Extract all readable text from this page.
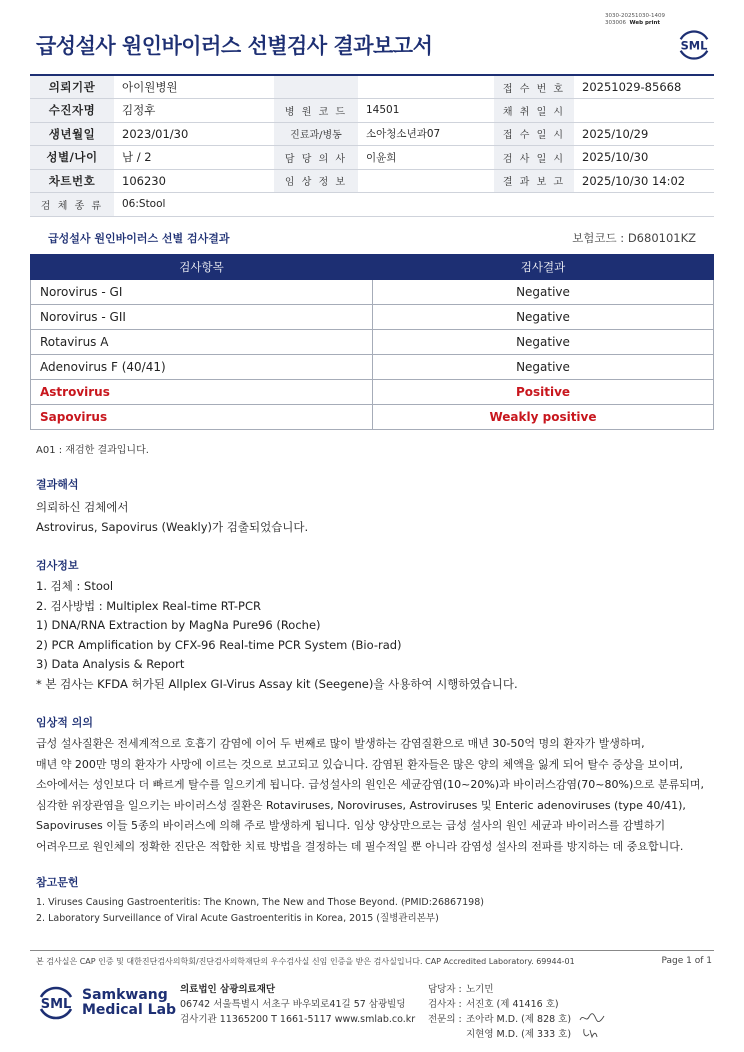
3030-20251030-1409
303006 Web print
급성설사 원인바이러스 선별검사 결과보고서	SML
의뢰기관	아이원병원			접 수 번 호	20251029-85668
수진자명	김정후	병 원 코 드	14501	채 취 일 시	
생년월일	2023/01/30	진료과/병동	소아청소년과07	접 수 일 시	2025/10/29
성별/나이	남 / 2	담 당 의 사	이윤희	검 사 일 시	2025/10/30
차트번호	106230	임 상 정 보		결 과 보 고	2025/10/30 14:02
검 체 종 류	06:Stool				
급성설사 원인바이러스 선별 검사결과	보험코드 : D680101KZ
검사항목	검사결과
Norovirus - GI	Negative
Norovirus - GII	Negative
Rotavirus A	Negative
Adenovirus F (40/41)	Negative
Astrovirus	Positive
Sapovirus	Weakly positive
A01 : 재검한 결과입니다.
결과해석
의뢰하신 검체에서
Astrovirus, Sapovirus (Weakly)가 검출되었습니다.
검사정보
1. 검체 : Stool
2. 검사방법 : Multiplex Real-time RT-PCR
1) DNA/RNA Extraction by MagNa Pure96 (Roche)
2) PCR Amplification by CFX-96 Real-time PCR System (Bio-rad)
3) Data Analysis & Report
* 본 검사는 KFDA 허가된 Allplex GI-Virus Assay kit (Seegene)을 사용하여 시행하였습니다.
임상적 의의
급성 설사질환은 전세계적으로 호흡기 감염에 이어 두 번째로 많이 발생하는 감염질환으로 매년 30-50억 명의 환자가 발생하며,
매년 약 200만 명의 환자가 사망에 이르는 것으로 보고되고 있습니다. 감염된 환자들은 많은 양의 체액을 잃게 되어 탈수 증상을 보이며,
소아에서는 성인보다 더 빠르게 탈수를 일으키게 됩니다. 급성설사의 원인은 세균감염(10~20%)과 바이러스감염(70~80%)으로 분류되며,
심각한 위장관염을 일으키는 바이러스성 질환은 Rotaviruses, Noroviruses, Astroviruses 및 Enteric adenoviruses (type 40/41),
Sapoviruses 이들 5종의 바이러스에 의해 주로 발생하게 됩니다. 임상 양상만으로는 급성 설사의 원인 세균과 바이러스를 감별하기
어려우므로 원인체의 정확한 진단은 적합한 치료 방법을 결정하는 데 필수적일 뿐 아니라 감염성 설사의 전파를 방지하는 데 중요합니다.
참고문헌
1. Viruses Causing Gastroenteritis: The Known, The New and Those Beyond. (PMID:26867198)
2. Laboratory Surveillance of Viral Acute Gastroenteritis in Korea, 2015 (질병관리본부)
본 검사실은 CAP 인증 및 대한진단검사의학회/진단검사의학재단의 우수검사실 신임 인증을 받은 검사실입니다. CAP Accredited Laboratory. 69944-01	Page 1 of 1
SML
Samkwang
Medical Lab
의료법인 삼광의료재단
06742 서울특별시 서초구 바우뫼로41길 57 삼광빌딩
검사기관 11365200 T 1661-5117 www.smlab.co.kr
담당자 : 노기민
검사자 : 서진호 (제 41416 호)
전문의 : 조아라 M.D. (제 828 호)
지현영 M.D. (제 333 호)
